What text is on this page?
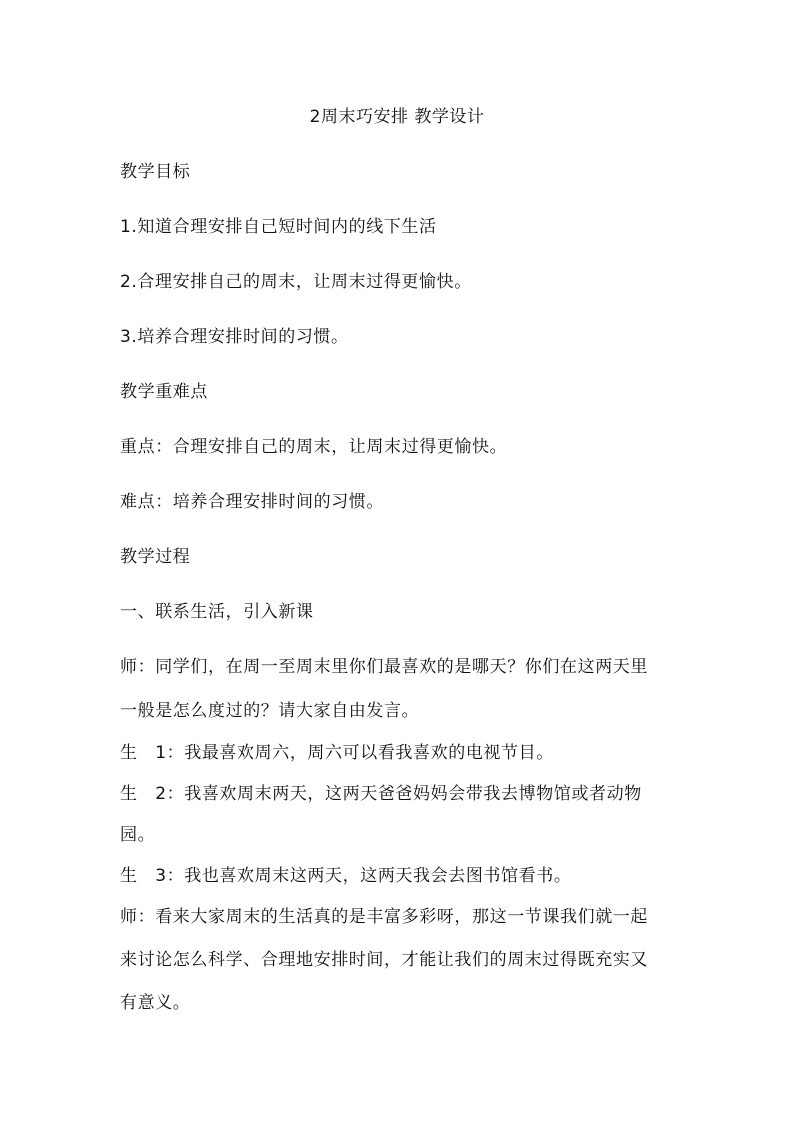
2周末巧安排 教学设计
教学目标
1.知道合理安排自己短时间内的线下生活
2.合理安排自己的周末，让周末过得更愉快。
3.培养合理安排时间的习惯。
教学重难点
重点：合理安排自己的周末，让周末过得更愉快。
难点：培养合理安排时间的习惯。
教学过程
一、联系生活，引入新课
师：同学们，在周一至周末里你们最喜欢的是哪天？你们在这两天里
一般是怎么度过的？请大家自由发言。
生　1：我最喜欢周六，周六可以看我喜欢的电视节目。
生　2：我喜欢周末两天，这两天爸爸妈妈会带我去博物馆或者动物
园。
生　3：我也喜欢周末这两天，这两天我会去图书馆看书。
师：看来大家周末的生活真的是丰富多彩呀，那这一节课我们就一起
来讨论怎么科学、合理地安排时间，才能让我们的周末过得既充实又
有意义。
